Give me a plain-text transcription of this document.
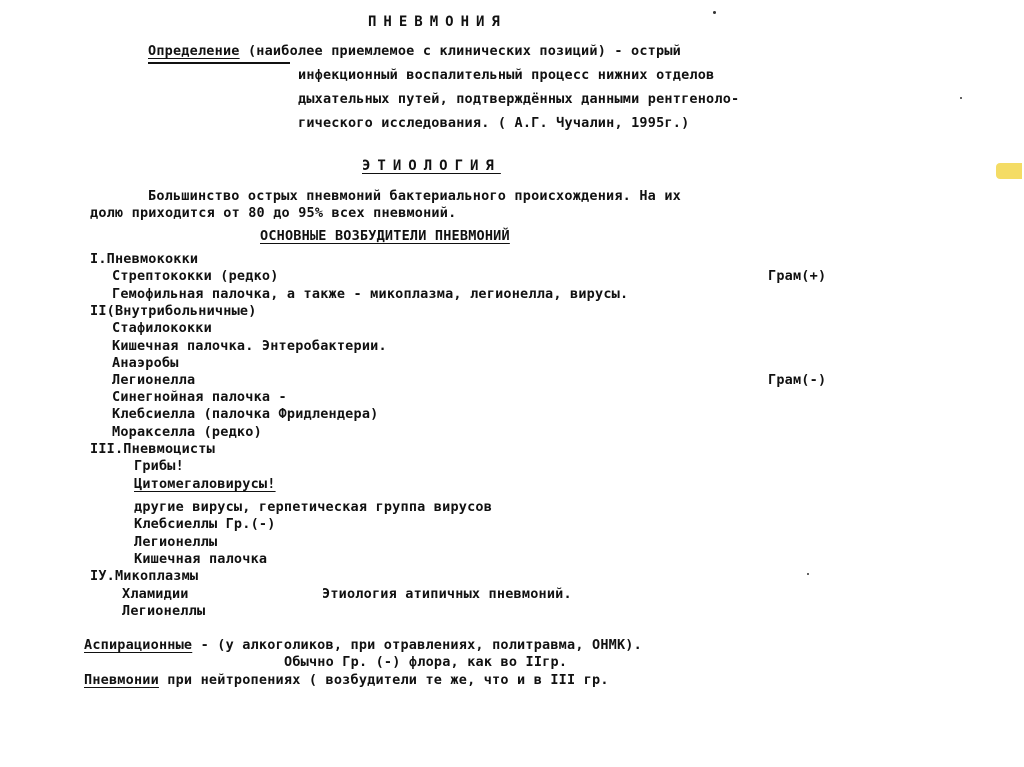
ПНЕВМОНИЯ
Определение (наиболее приемлемое с клинических позиций) - острый
инфекционный воспалительный процесс нижних отделов
дыхательных путей, подтверждённых данными рентгеноло-
гического исследования. ( А.Г. Чучалин, 1995г.)
ЭТИОЛОГИЯ
Большинство острых пневмоний бактериального происхождения. На их
долю приходится от 80 до 95% всех пневмоний.
ОСНОВНЫЕ ВОЗБУДИТЕЛИ ПНЕВМОНИЙ
I.Пневмококки
Стрептококки (редко)	Грам(+)
Гемофильная палочка, а также - микоплазма, легионелла, вирусы.
II(Внутрибольничные)
Стафилококки
Кишечная палочка. Энтеробактерии.
Анаэробы
Легионелла	Грам(-)
Синегнойная палочка -
Клебсиелла (палочка Фридлендера)
Моракселла (редко)
III.Пневмоцисты
Грибы!
Цитомегаловирусы!
другие вирусы, герпетическая группа вирусов
Клебсиеллы Гр.(-)
Легионеллы
Кишечная палочка
IУ.Микоплазмы
Хламидии	Этиология атипичных пневмоний.
Легионеллы
Аспирационные - (у алкоголиков, при отравлениях, политравма, ОНМК).
Обычно Гр. (-) флора, как во IIгр.
Пневмонии при нейтропениях ( возбудители те же, что и в III гр.
